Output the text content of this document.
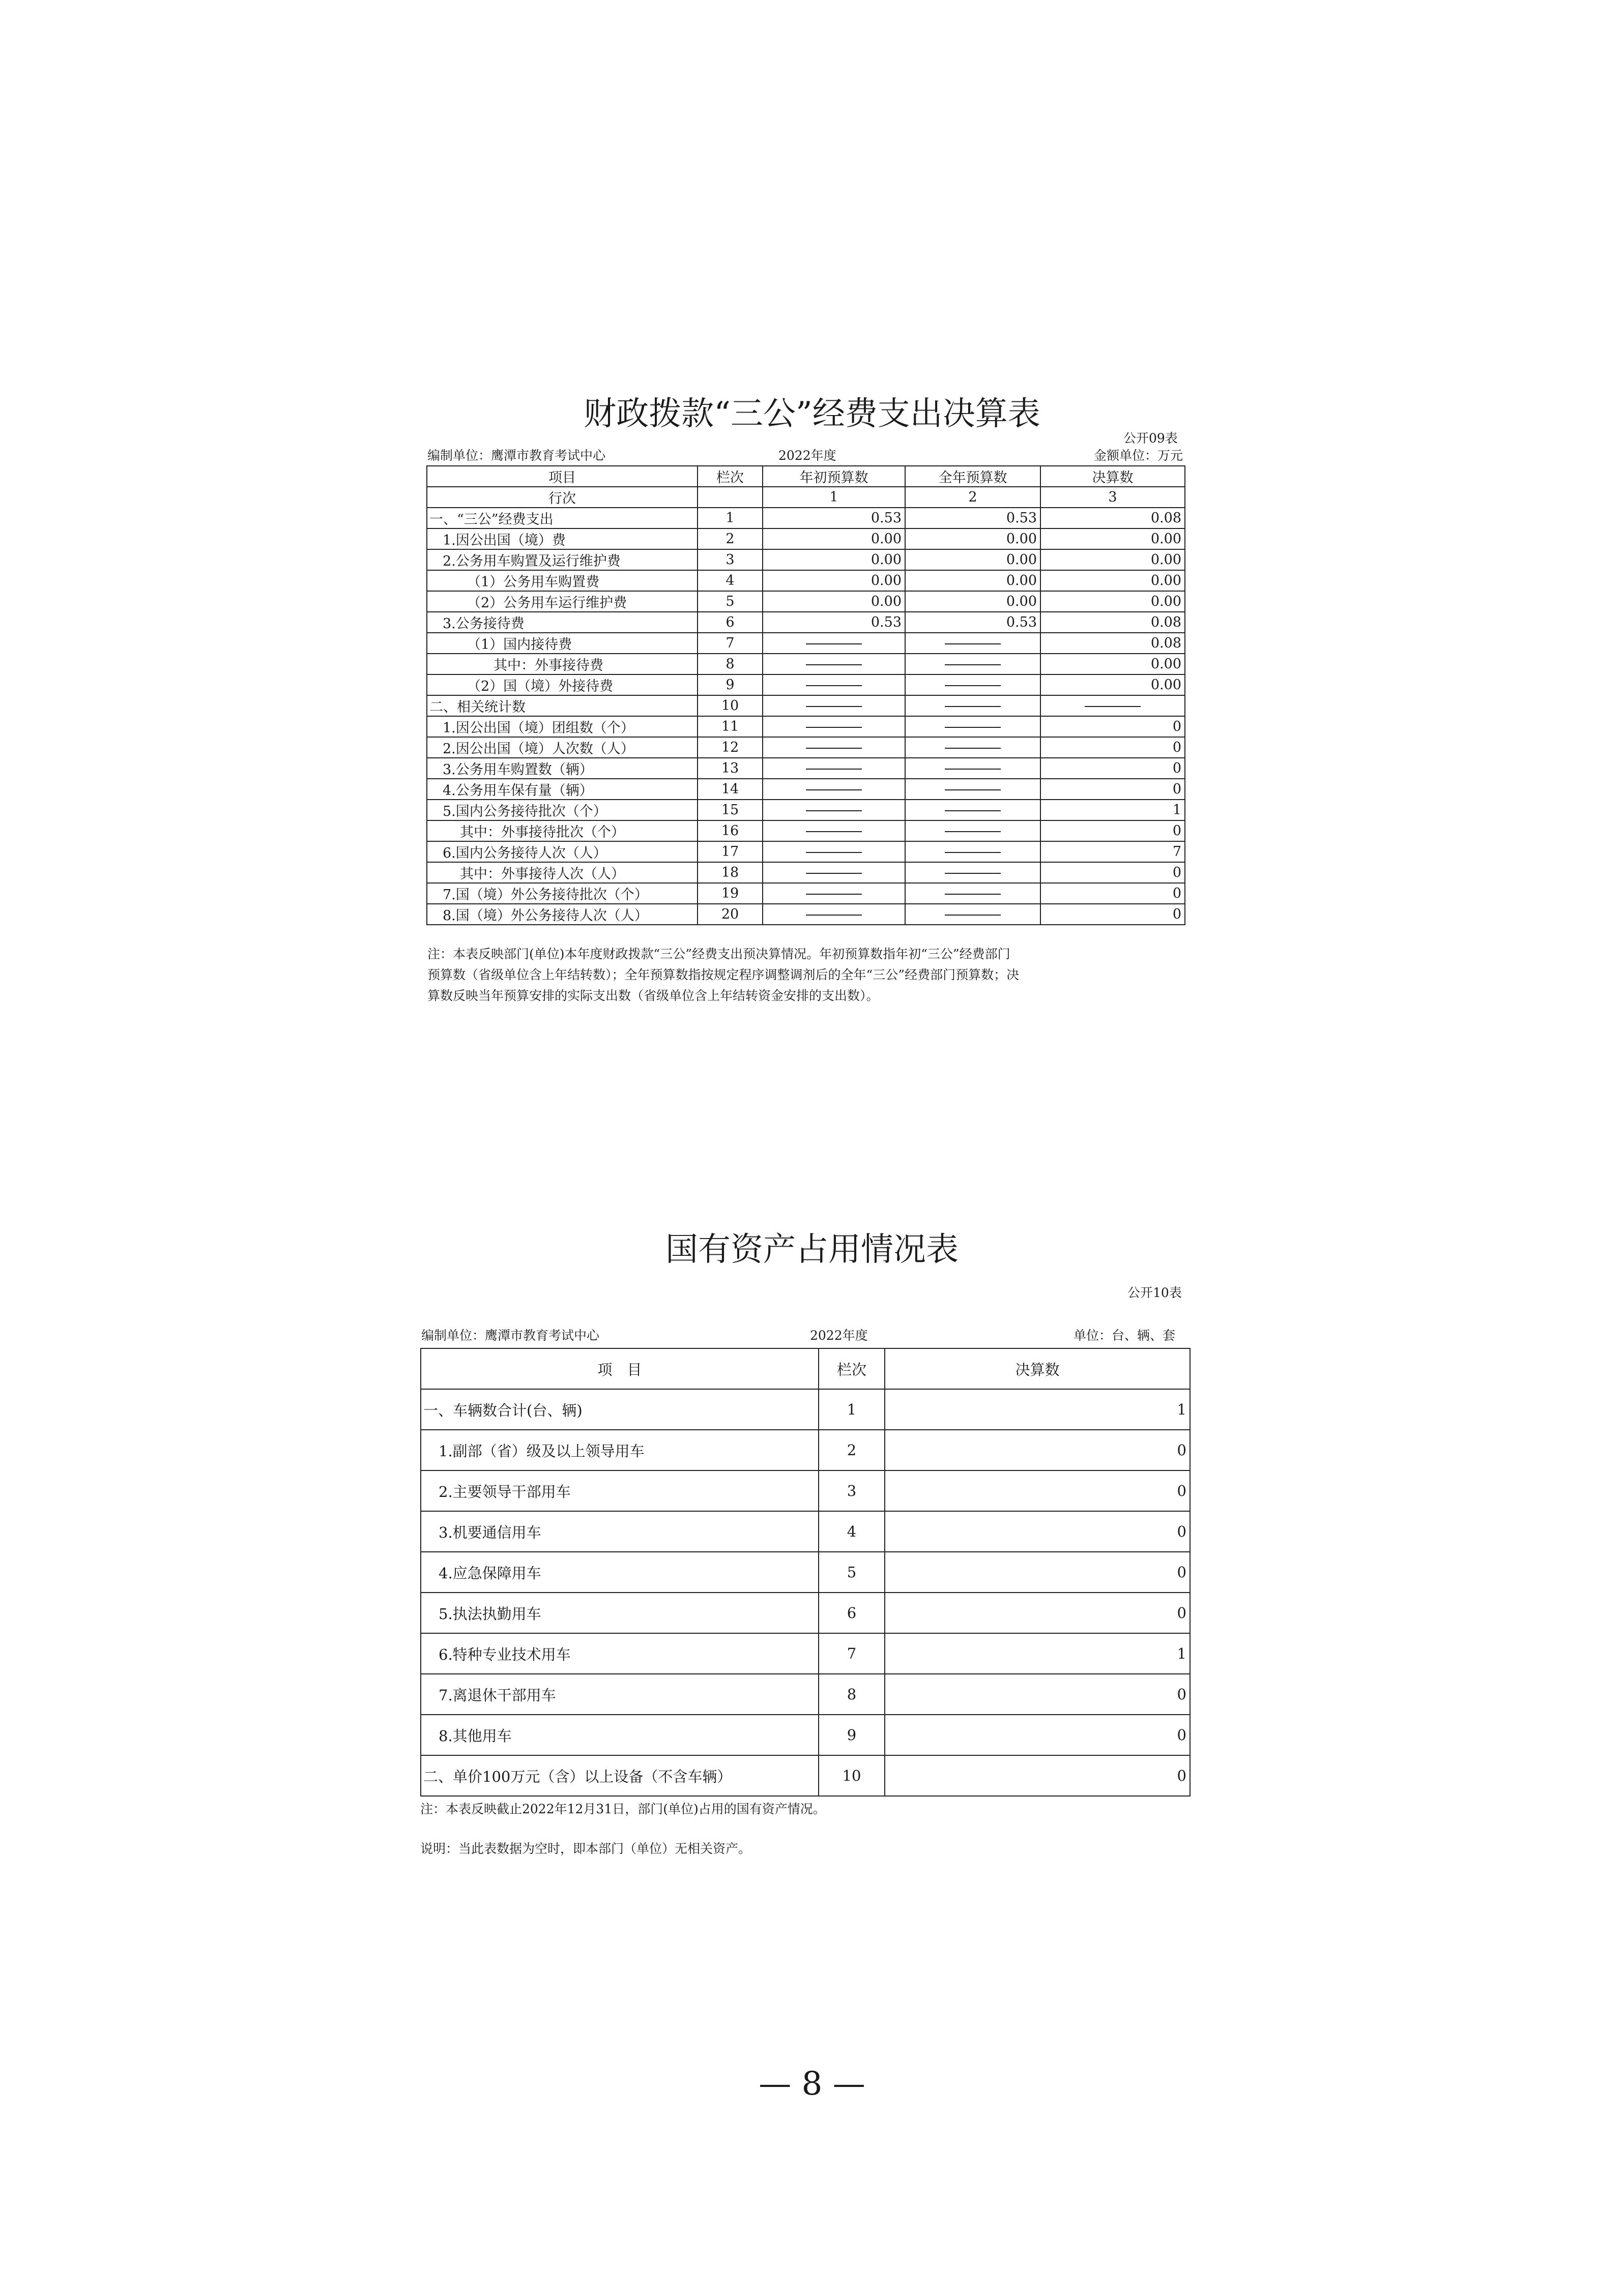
财政拨款“三公”经费支出决算表
公开09表
编制单位：鹰潭市教育考试中心	2022年度	金额单位：万元
项目	栏次	年初预算数	全年预算数	决算数
行次		1	2	3
一、“三公”经费支出	1	0.53	0.53	0.08
1.因公出国（境）费	2	0.00	0.00	0.00
2.公务用车购置及运行维护费	3	0.00	0.00	0.00
（1）公务用车购置费	4	0.00	0.00	0.00
（2）公务用车运行维护费	5	0.00	0.00	0.00
3.公务接待费	6	0.53	0.53	0.08
（1）国内接待费	7			0.08
其中：外事接待费	8			0.00
（2）国（境）外接待费	9			0.00
二、相关统计数	10			
1.因公出国（境）团组数（个）	11			0
2.因公出国（境）人次数（人）	12			0
3.公务用车购置数（辆）	13			0
4.公务用车保有量（辆）	14			0
5.国内公务接待批次（个）	15			1
其中：外事接待批次（个）	16			0
6.国内公务接待人次（人）	17			7
其中：外事接待人次（人）	18			0
7.国（境）外公务接待批次（个）	19			0
8.国（境）外公务接待人次（人）	20			0
注：本表反映部门(单位)本年度财政拨款“三公”经费支出预决算情况。年初预算数指年初“三公”经费部门
预算数（省级单位含上年结转数）；全年预算数指按规定程序调整调剂后的全年“三公”经费部门预算数；决
算数反映当年预算安排的实际支出数（省级单位含上年结转资金安排的支出数）。
国有资产占用情况表
公开10表
编制单位：鹰潭市教育考试中心	2022年度	单位：台、辆、套
项　目	栏次	决算数
一、车辆数合计(台、辆)	1	1
1.副部（省）级及以上领导用车	2	0
2.主要领导干部用车	3	0
3.机要通信用车	4	0
4.应急保障用车	5	0
5.执法执勤用车	6	0
6.特种专业技术用车	7	1
7.离退休干部用车	8	0
8.其他用车	9	0
二、单价100万元（含）以上设备（不含车辆）	10	0
注：本表反映截止2022年12月31日，部门(单位)占用的国有资产情况。
说明：当此表数据为空时，即本部门（单位）无相关资产。
— 8 —
